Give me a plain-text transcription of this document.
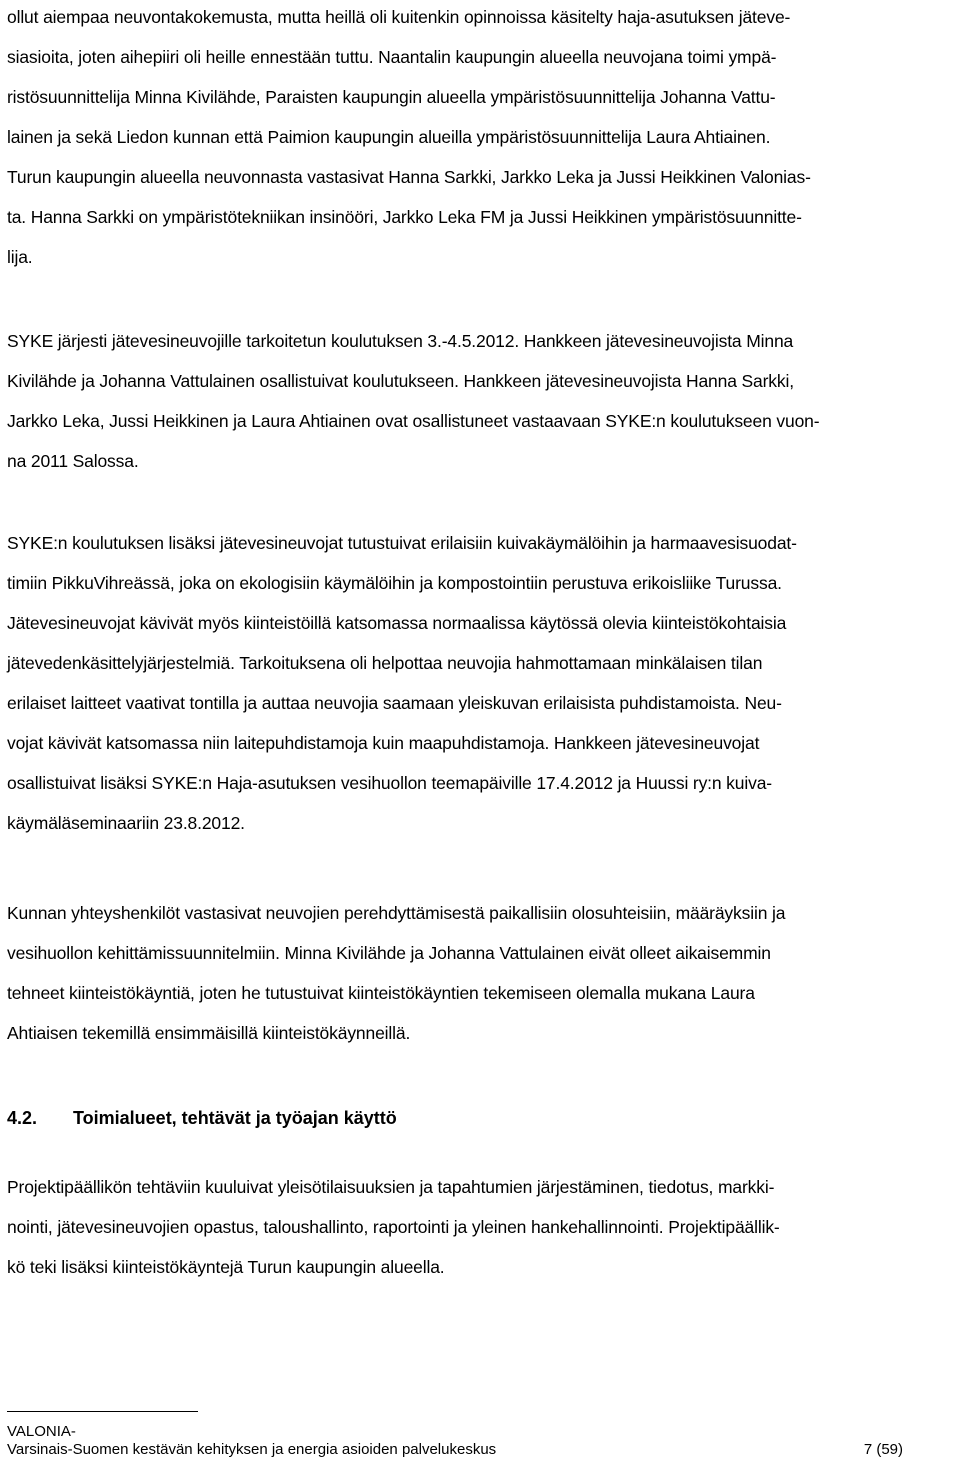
ollut aiempaa neuvontakokemusta, mutta heillä oli kuitenkin opinnoissa käsitelty haja-asutuksen jäteve-
siasioita, joten aihepiiri oli heille ennestään tuttu. Naantalin kaupungin alueella neuvojana toimi ympä-
ristösuunnittelija Minna Kivilähde, Paraisten kaupungin alueella ympäristösuunnittelija Johanna Vattu-
lainen ja sekä Liedon kunnan että Paimion kaupungin alueilla ympäristösuunnittelija Laura Ahtiainen.
Turun kaupungin alueella neuvonnasta vastasivat Hanna Sarkki, Jarkko Leka ja Jussi Heikkinen Valonias-
ta. Hanna Sarkki on ympäristötekniikan insinööri, Jarkko Leka FM ja Jussi Heikkinen ympäristösuunnitte-
lija.
SYKE järjesti jätevesineuvojille tarkoitetun koulutuksen 3.-4.5.2012. Hankkeen jätevesineuvojista Minna
Kivilähde ja Johanna Vattulainen osallistuivat koulutukseen. Hankkeen jätevesineuvojista Hanna Sarkki,
Jarkko Leka, Jussi Heikkinen ja Laura Ahtiainen ovat osallistuneet vastaavaan SYKE:n koulutukseen vuon-
na 2011 Salossa.
SYKE:n koulutuksen lisäksi jätevesineuvojat tutustuivat erilaisiin kuivakäymälöihin ja harmaavesisuodat-
timiin PikkuVihreässä, joka on ekologisiin käymälöihin ja kompostointiin perustuva erikoisliike Turussa.
Jätevesineuvojat kävivät myös kiinteistöillä katsomassa normaalissa käytössä olevia kiinteistökohtaisia
jätevedenkäsittelyjärjestelmiä. Tarkoituksena oli helpottaa neuvojia hahmottamaan minkälaisen tilan
erilaiset laitteet vaativat tontilla ja auttaa neuvojia saamaan yleiskuvan erilaisista puhdistamoista. Neu-
vojat kävivät katsomassa niin laitepuhdistamoja kuin maapuhdistamoja. Hankkeen jätevesineuvojat
osallistuivat lisäksi SYKE:n Haja-asutuksen vesihuollon teemapäiville 17.4.2012 ja Huussi ry:n kuiva-
käymäläseminaariin 23.8.2012.
Kunnan yhteyshenkilöt vastasivat neuvojien perehdyttämisestä paikallisiin olosuhteisiin, määräyksiin ja
vesihuollon kehittämissuunnitelmiin. Minna Kivilähde ja Johanna Vattulainen eivät olleet aikaisemmin
tehneet kiinteistökäyntiä, joten he tutustuivat kiinteistökäyntien tekemiseen olemalla mukana Laura
Ahtiaisen tekemillä ensimmäisillä kiinteistökäynneillä.
4.2. Toimialueet, tehtävät ja työajan käyttö
Projektipäällikön tehtäviin kuuluivat yleisötilaisuuksien ja tapahtumien järjestäminen, tiedotus, markki-
nointi, jätevesineuvojien opastus, taloushallinto, raportointi ja yleinen hankehallinnointi. Projektipäällik-
kö teki lisäksi kiinteistökäyntejä Turun kaupungin alueella.
VALONIA-
Varsinais-Suomen kestävän kehityksen ja energia asioiden palvelukeskus	7 (59)
